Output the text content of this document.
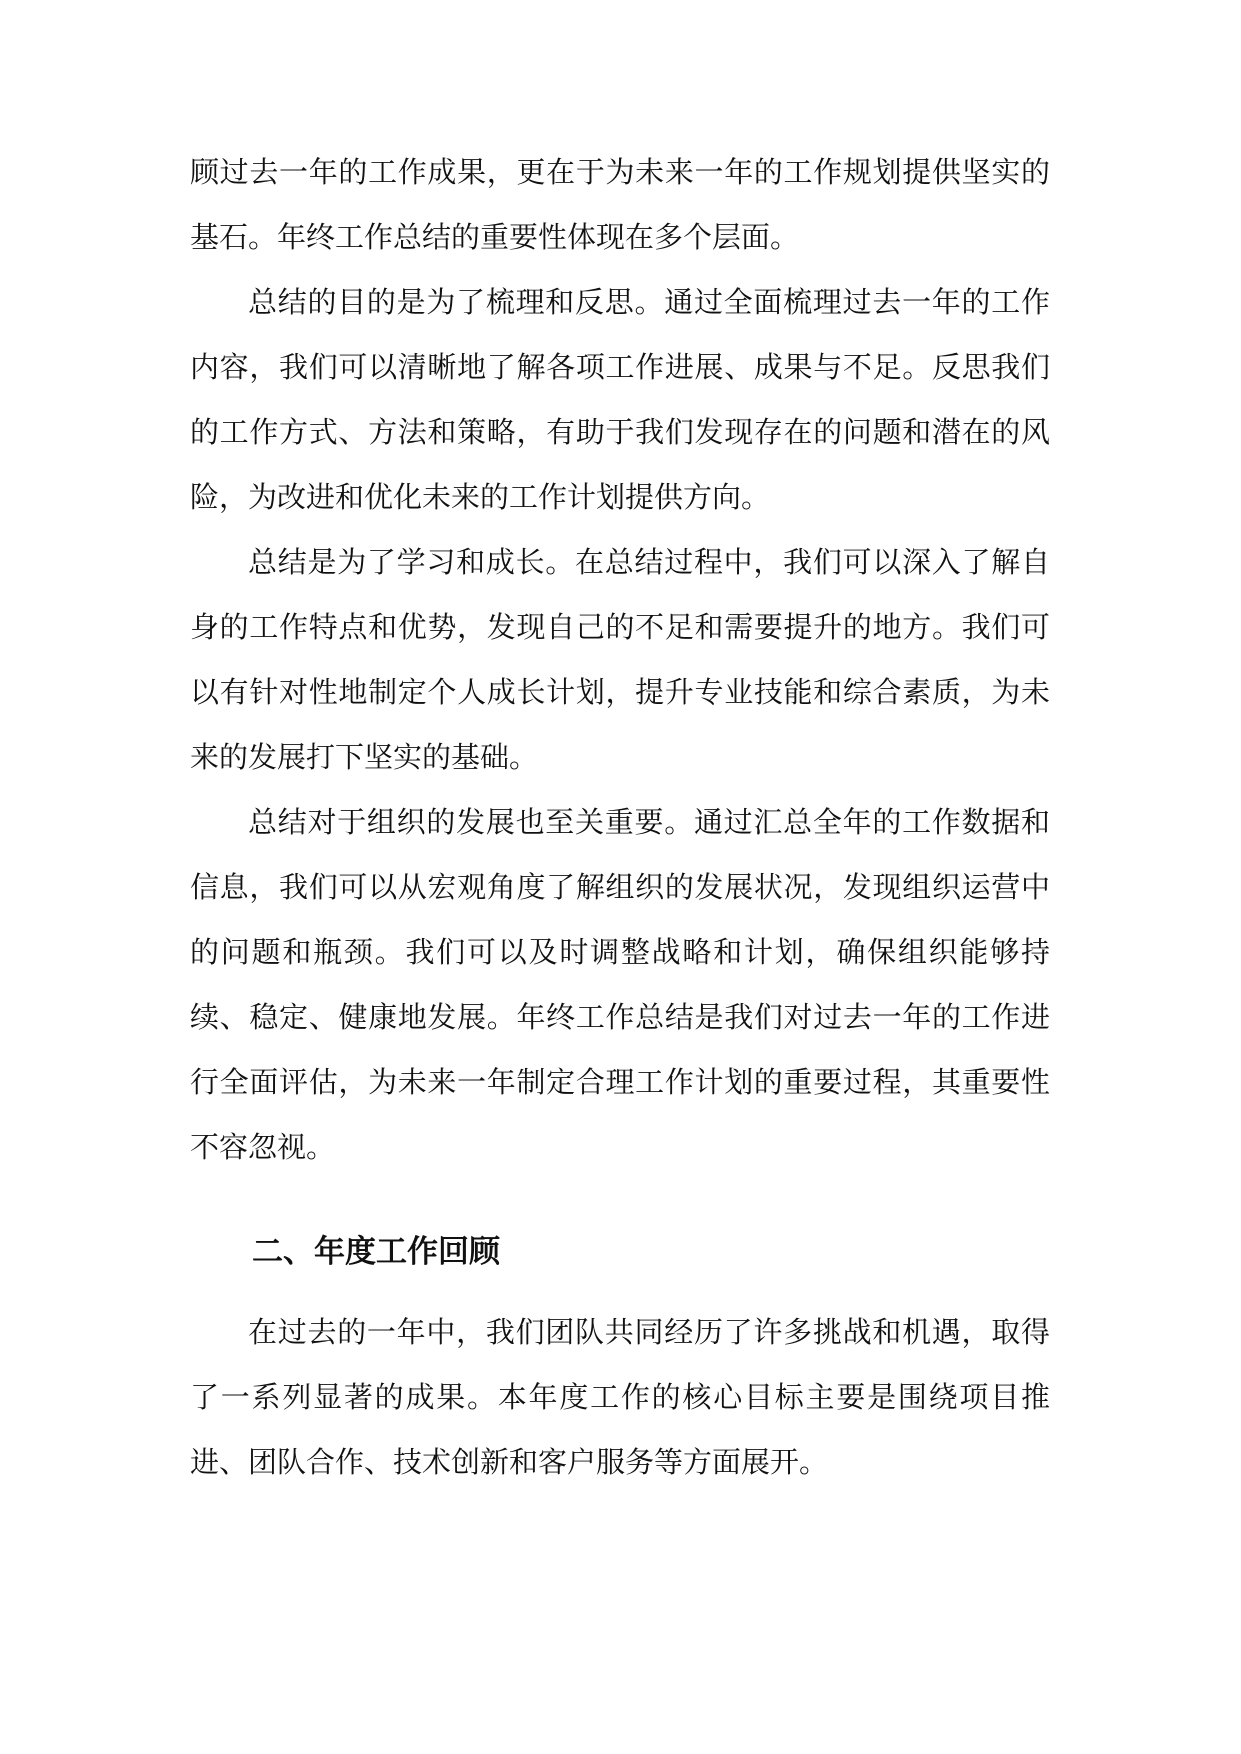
顾过去一年的工作成果，更在于为未来一年的工作规划提供坚实的基石。年终工作总结的重要性体现在多个层面。

总结的目的是为了梳理和反思。通过全面梳理过去一年的工作内容，我们可以清晰地了解各项工作进展、成果与不足。反思我们的工作方式、方法和策略，有助于我们发现存在的问题和潜在的风险，为改进和优化未来的工作计划提供方向。

总结是为了学习和成长。在总结过程中，我们可以深入了解自身的工作特点和优势，发现自己的不足和需要提升的地方。我们可以有针对性地制定个人成长计划，提升专业技能和综合素质，为未来的发展打下坚实的基础。

总结对于组织的发展也至关重要。通过汇总全年的工作数据和信息，我们可以从宏观角度了解组织的发展状况，发现组织运营中的问题和瓶颈。我们可以及时调整战略和计划，确保组织能够持续、稳定、健康地发展。年终工作总结是我们对过去一年的工作进行全面评估，为未来一年制定合理工作计划的重要过程，其重要性不容忽视。

二、年度工作回顾

在过去的一年中，我们团队共同经历了许多挑战和机遇，取得了一系列显著的成果。本年度工作的核心目标主要是围绕项目推进、团队合作、技术创新和客户服务等方面展开。
